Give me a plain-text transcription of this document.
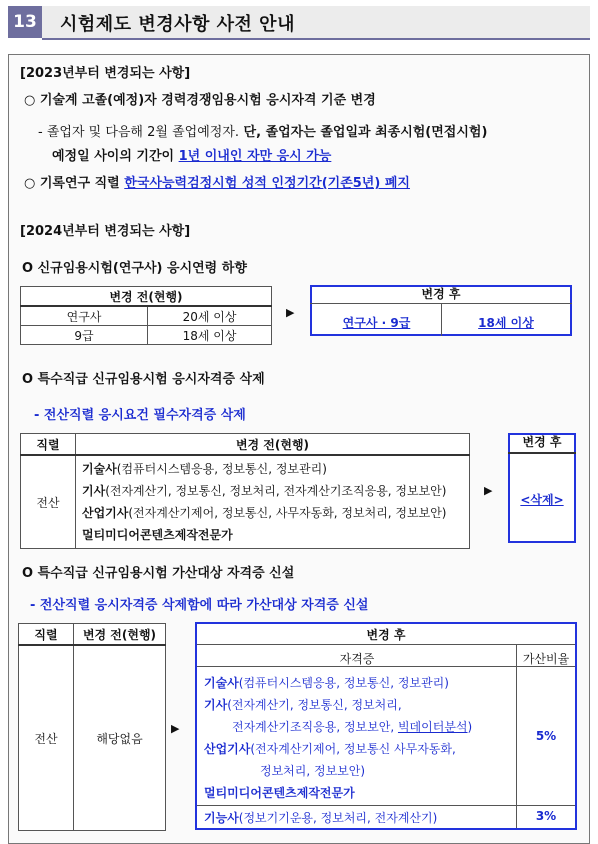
13 시험제도 변경사항 사전 안내
[2023년부터 변경되는 사항]
○ 기술계 고졸(예정)자 경력경쟁임용시험 응시자격 기준 변경
- 졸업자 및 다음해 2월 졸업예정자. 단, 졸업자는 졸업일과 최종시험(면접시험)
예정일 사이의 기간이 1년 이내인 자만 응시 가능
○ 기록연구 직렬 한국사능력검정시험 성적 인정기간(기존5년) 폐지
[2024년부터 변경되는 사항]
O 신규임용시험(연구사) 응시연령 하향
변경 전(현행)	
연구사	20세 이상
9급	18세 이상
▶
변경 후
연구사 · 9급	18세 이상
O 특수직급 신규임용시험 응시자격증 삭제
- 전산직렬 응시요건 필수자격증 삭제
직렬	변경 전(현행)
전산	기술사(컴퓨터시스템응용, 정보통신, 정보관리)
기사(전자계산기, 정보통신, 정보처리, 전자계산기조직응용, 정보보안)
산업기사(전자계산기제어, 정보통신, 사무자동화, 정보처리, 정보보안)
멀티미디어콘텐츠제작전문가
▶
변경 후
<삭제>
O 특수직급 신규임용시험 가산대상 자격증 신설
- 전산직렬 응시자격증 삭제함에 따라 가산대상 자격증 신설
직렬	변경 전(현행)
전산	해당없음
▶
변경 후
자격증	가산비율
기술사(컴퓨터시스템응용, 정보통신, 정보관리)
기사(전자계산기, 정보통신, 정보처리,
전자계산기조직응용, 정보보안, 빅데이터분석)
산업기사(전자계산기제어, 정보통신 사무자동화,
정보처리, 정보보안)
멀티미디어콘텐츠제작전문가
5%
기능사(정보기기운용, 정보처리, 전자계산기)	3%
